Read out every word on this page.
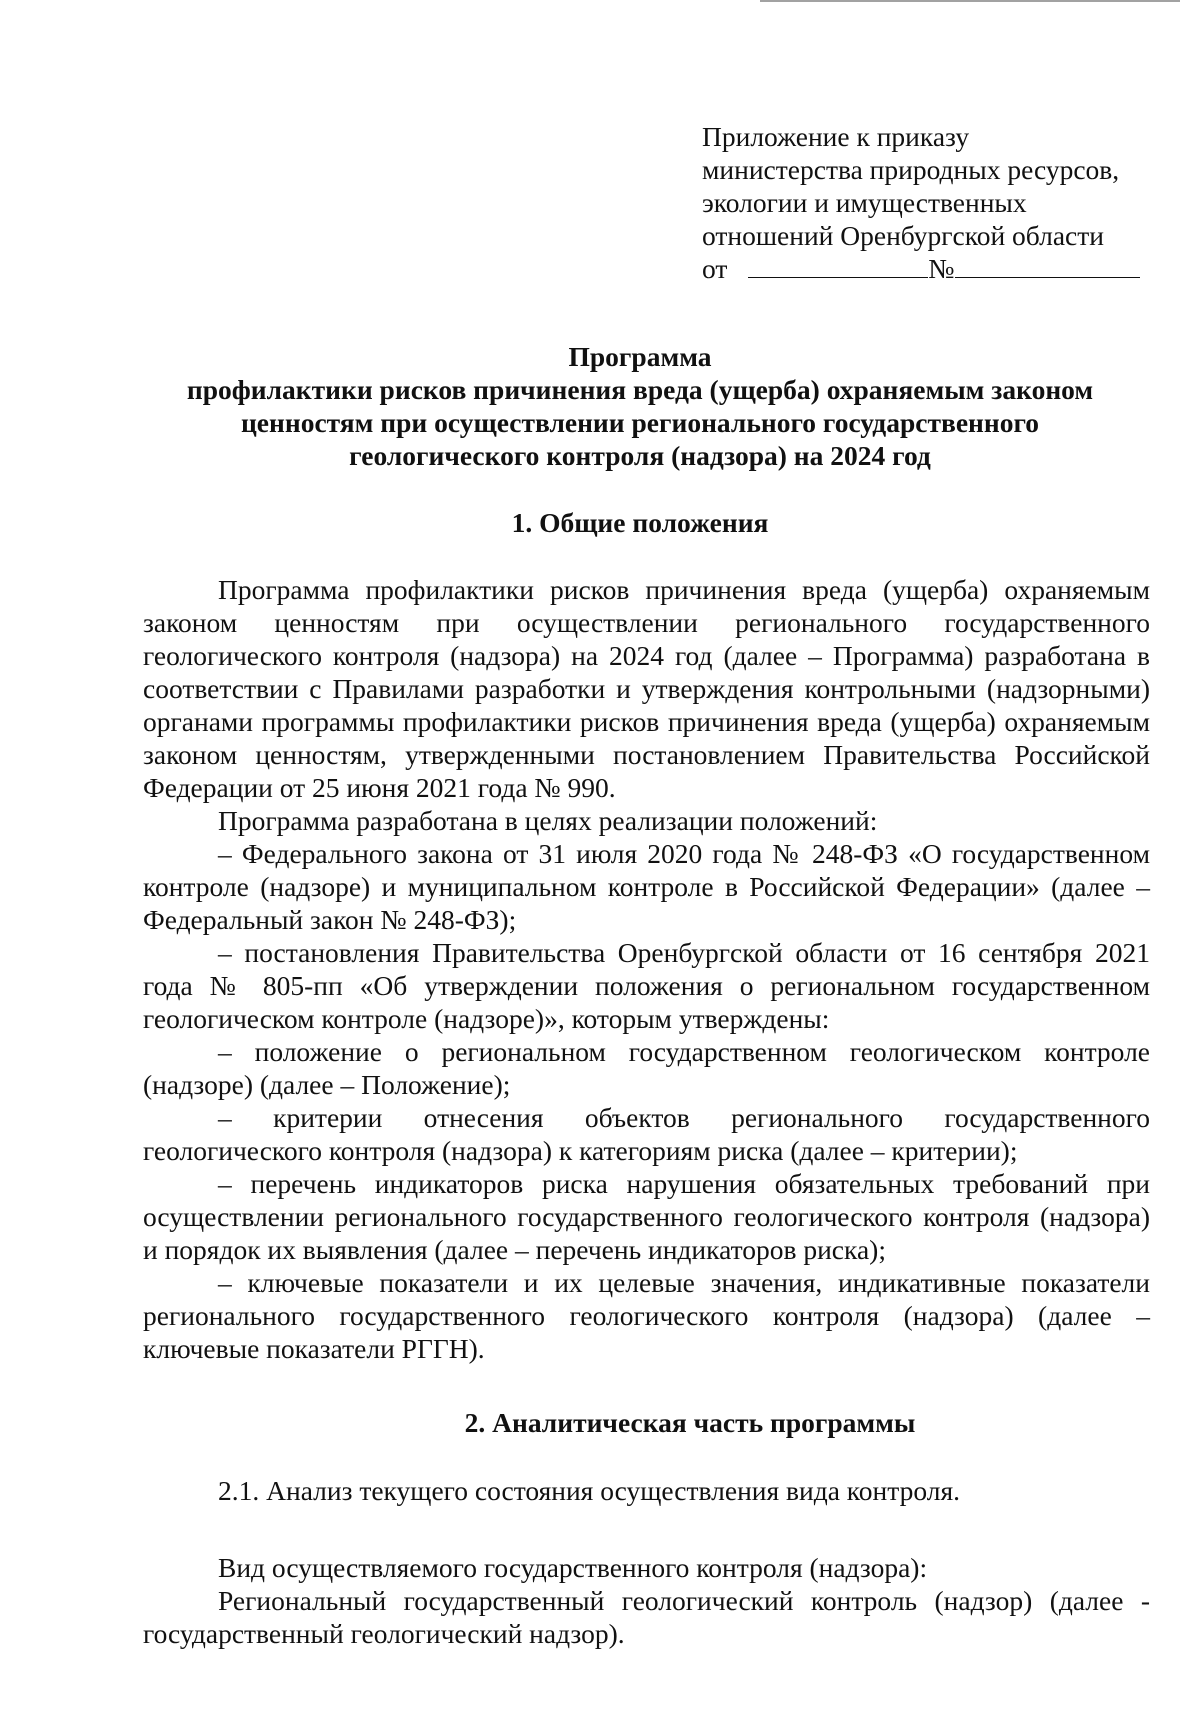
Приложение к приказу
министерства природных ресурсов,
экологии и имущественных
отношений Оренбургской области
от	№
Программа
профилактики рисков причинения вреда (ущерба) охраняемым законом
ценностям при осуществлении регионального государственного
геологического контроля (надзора) на 2024 год
1. Общие положения

Программа профилактики рисков причинения вреда (ущерба) охраняемым законом ценностям при осуществлении регионального государственного геологического контроля (надзора) на 2024 год (далее – Программа) разработана в соответствии с Правилами разработки и утверждения контрольными (надзорными) органами программы профилактики рисков причинения вреда (ущерба) охраняемым законом ценностям, утвержденными постановлением Правительства Российской Федерации от 25 июня 2021 года № 990.

Программа разработана в целях реализации положений:

– Федерального закона от 31 июля 2020 года № 248-ФЗ «О государственном контроле (надзоре) и муниципальном контроле в Российской Федерации» (далее – Федеральный закон № 248-ФЗ);

– постановления Правительства Оренбургской области от 16 сентября 2021 года № 805-пп «Об утверждении положения о региональном государственном геологическом контроле (надзоре)», которым утверждены:

– положение о региональном государственном геологическом контроле (надзоре) (далее – Положение);

– критерии отнесения объектов регионального государственного геологического контроля (надзора) к категориям риска (далее – критерии);

– перечень индикаторов риска нарушения обязательных требований при осуществлении регионального государственного геологического контроля (надзора) и порядок их выявления (далее – перечень индикаторов риска);

– ключевые показатели и их целевые значения, индикативные показатели регионального государственного геологического контроля (надзора) (далее – ключевые показатели РГГН).

2. Аналитическая часть программы
2.1. Анализ текущего состояния осуществления вида контроля.

Вид осуществляемого государственного контроля (надзора):

Региональный государственный геологический контроль (надзор) (далее - государственный геологический надзор).
